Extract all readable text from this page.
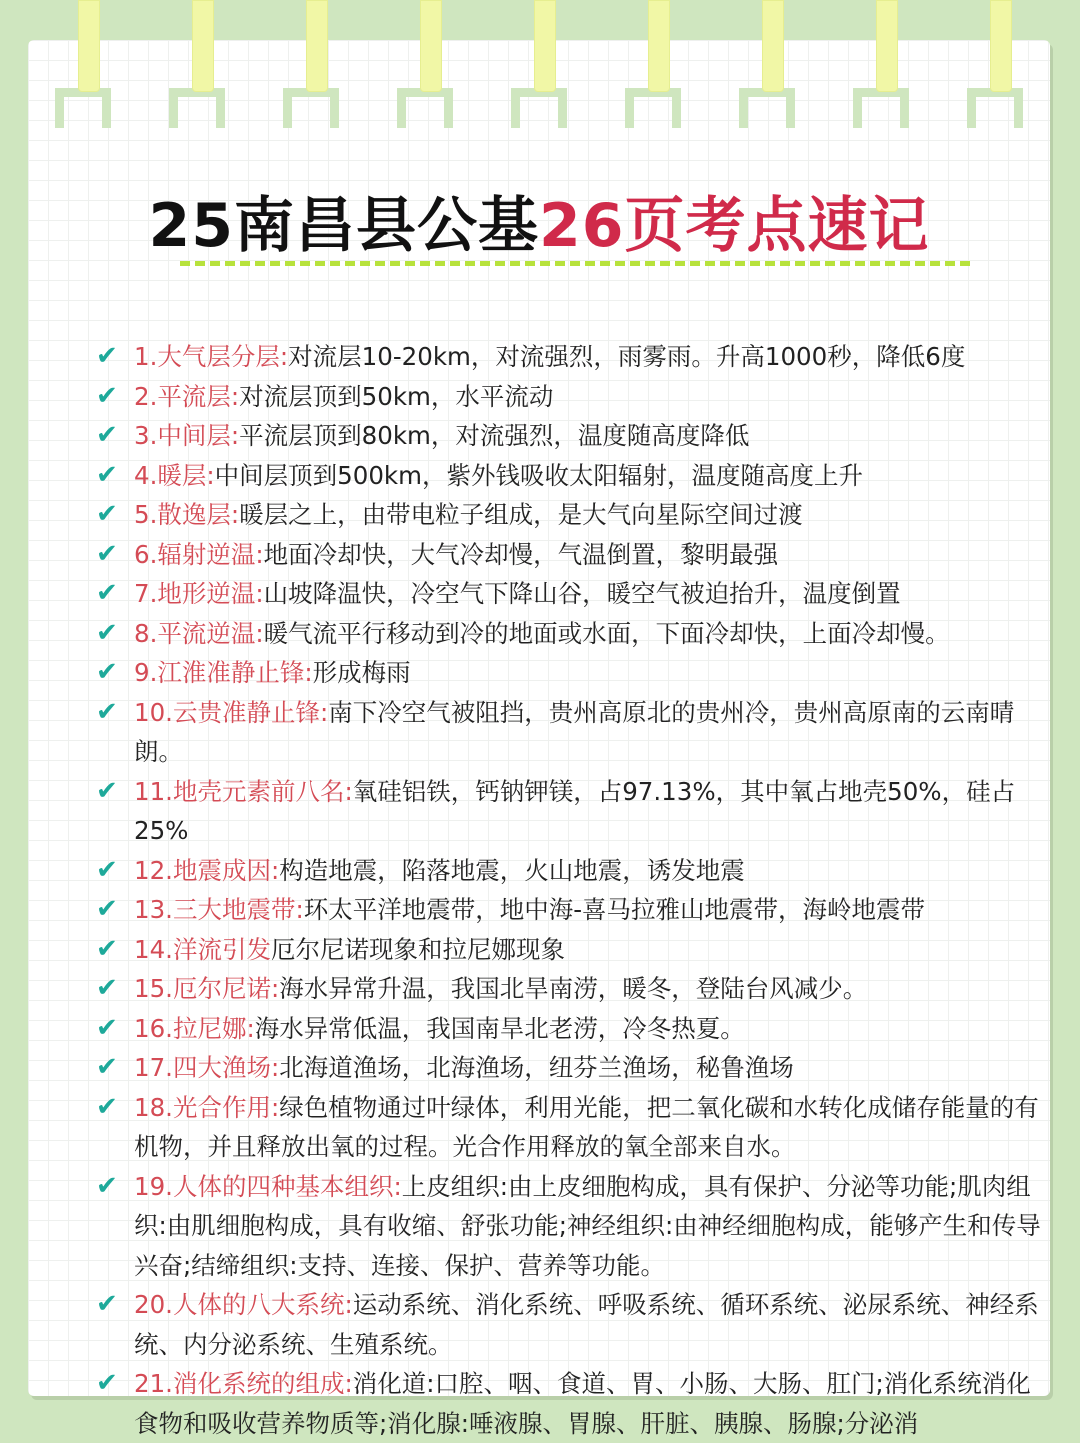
25南昌县公基26页考点速记
✔ 1.大气层分层:对流层10-20km，对流强烈，雨雾雨。升高1000秒，降低6度
✔ 2.平流层:对流层顶到50km，水平流动
✔ 3.中间层:平流层顶到80km，对流强烈，温度随高度降低
✔ 4.暖层:中间层顶到500km，紫外钱吸收太阳辐射，温度随高度上升
✔ 5.散逸层:暖层之上，由带电粒子组成，是大气向星际空间过渡
✔ 6.辐射逆温:地面冷却快，大气冷却慢，气温倒置，黎明最强
✔ 7.地形逆温:山坡降温快，冷空气下降山谷，暖空气被迫抬升，温度倒置
✔ 8.平流逆温:暖气流平行移动到冷的地面或水面，下面冷却快，上面冷却慢。
✔ 9.江淮准静止锋:形成梅雨
✔ 10.云贵准静止锋:南下冷空气被阻挡，贵州高原北的贵州冷，贵州高原南的云南晴朗。
✔ 11.地壳元素前八名:氧硅铝铁，钙钠钾镁，占97.13%，其中氧占地壳50%，硅占25%
✔ 12.地震成因:构造地震，陷落地震，火山地震，诱发地震
✔ 13.三大地震带:环太平洋地震带，地中海-喜马拉雅山地震带，海岭地震带
✔ 14.洋流引发厄尔尼诺现象和拉尼娜现象
✔ 15.厄尔尼诺:海水异常升温，我国北旱南涝，暖冬，登陆台风减少。
✔ 16.拉尼娜:海水异常低温，我国南旱北老涝，冷冬热夏。
✔ 17.四大渔场:北海道渔场，北海渔场，纽芬兰渔场，秘鲁渔场
✔ 18.光合作用:绿色植物通过叶绿体，利用光能，把二氧化碳和水转化成储存能量的有机物，并且释放出氧的过程。光合作用释放的氧全部来自水。
✔ 19.人体的四种基本组织:上皮组织:由上皮细胞构成，具有保护、分泌等功能;肌肉组织:由肌细胞构成，具有收缩、舒张功能;神经组织:由神经细胞构成，能够产生和传导兴奋;结缔组织:支持、连接、保护、营养等功能。
✔ 20.人体的八大系统:运动系统、消化系统、呼吸系统、循环系统、泌尿系统、神经系统、内分泌系统、生殖系统。
✔ 21.消化系统的组成:消化道:口腔、咽、食道、胃、小肠、大肠、肛门;消化系统消化食物和吸收营养物质等;消化腺:唾液腺、胃腺、肝脏、胰腺、肠腺;分泌消
